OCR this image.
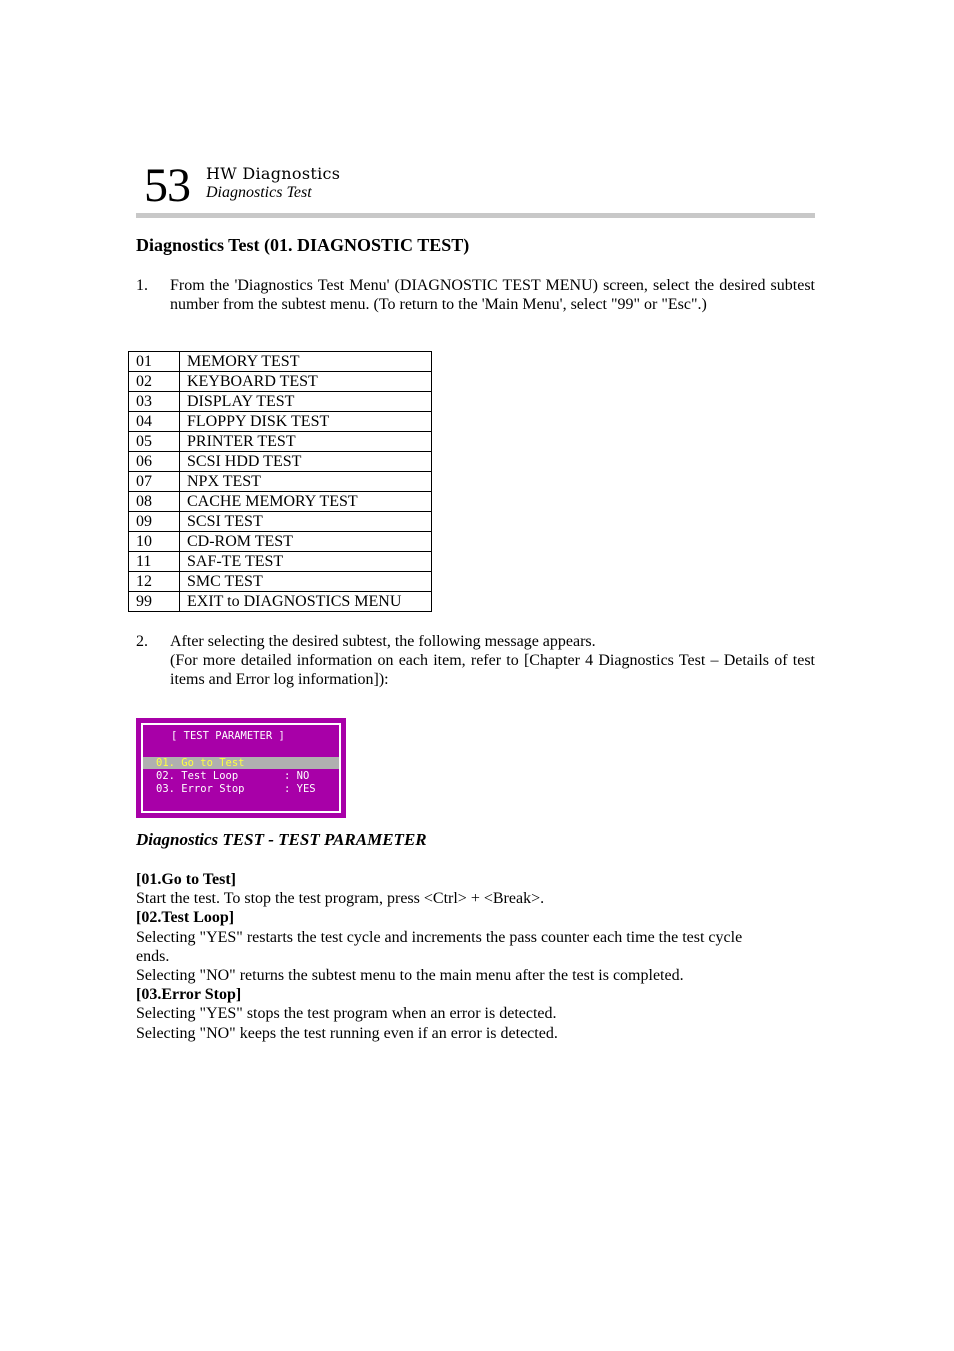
53 HW Diagnostics
Diagnostics Test
Diagnostics Test (01. DIAGNOSTIC TEST)
1. From the 'Diagnostics Test Menu' (DIAGNOSTIC TEST MENU) screen, select the desired subtest number from the subtest menu. (To return to the 'Main Menu', select "99" or "Esc".)
01	MEMORY TEST
02	KEYBOARD TEST
03	DISPLAY TEST
04	FLOPPY DISK TEST
05	PRINTER TEST
06	SCSI HDD TEST
07	NPX TEST
08	CACHE MEMORY TEST
09	SCSI TEST
10	CD-ROM TEST
11	SAF-TE TEST
12	SMC TEST
99	EXIT to DIAGNOSTICS MENU
2. After selecting the desired subtest, the following message appears.
(For more detailed information on each item, refer to [Chapter 4 Diagnostics Test – Details of test items and Error log information]):
[ TEST PARAMETER ]
01. Go to Test
02. Test Loop	: NO
03. Error Stop	: YES
Diagnostics TEST - TEST PARAMETER
[01.Go to Test]
Start the test. To stop the test program, press <Ctrl> + <Break>.
[02.Test Loop]
Selecting "YES" restarts the test cycle and increments the pass counter each time the test cycle ends.
Selecting "NO" returns the subtest menu to the main menu after the test is completed.
[03.Error Stop]
Selecting "YES" stops the test program when an error is detected.
Selecting "NO" keeps the test running even if an error is detected.
